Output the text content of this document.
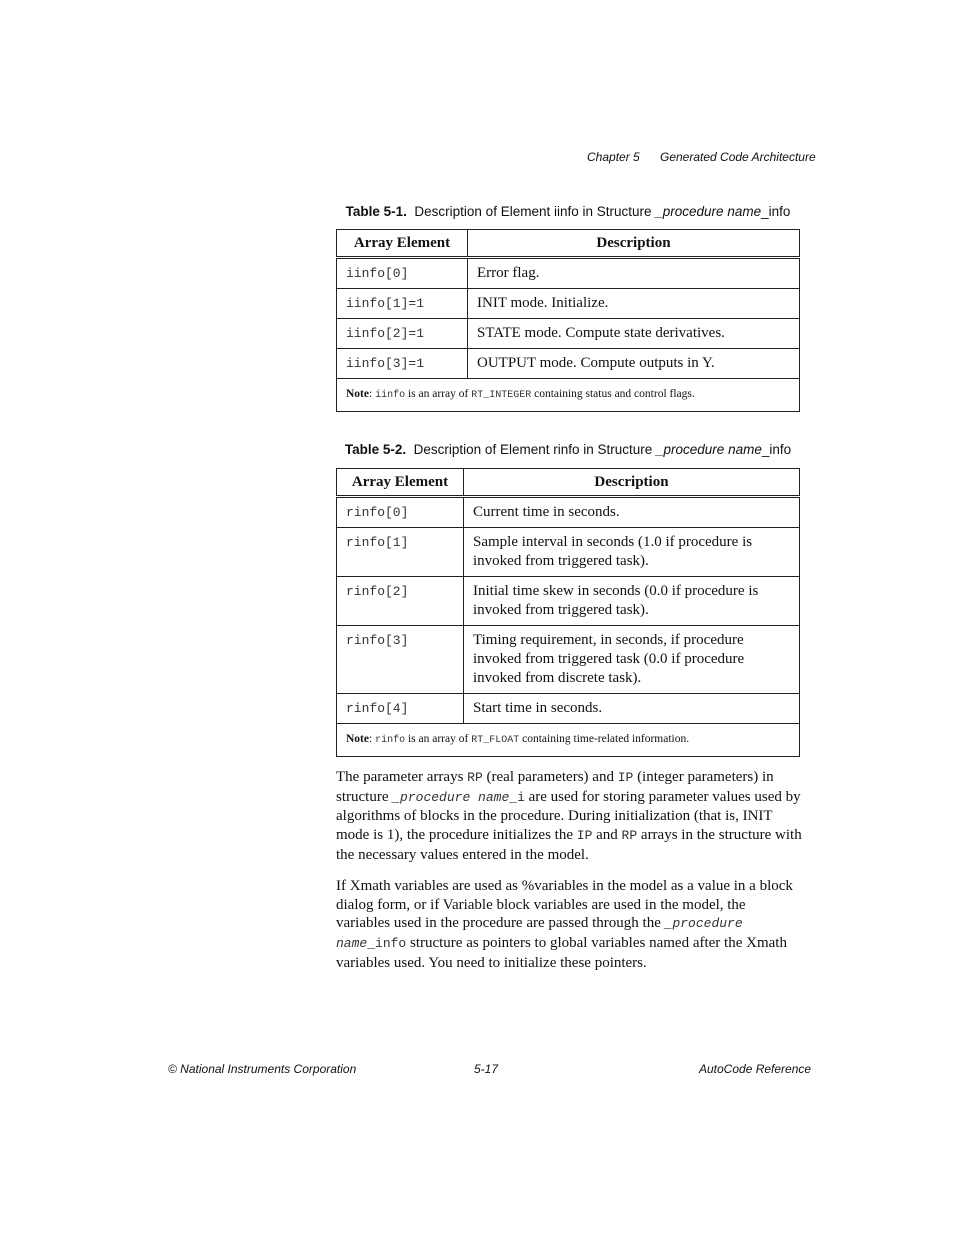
Chapter 5 Generated Code Architecture
Table 5-1. Description of Element iinfo in Structure _procedure name_info
Array Element	Description
iinfo[0]	Error flag.
iinfo[1]=1	INIT mode. Initialize.
iinfo[2]=1	STATE mode. Compute state derivatives.
iinfo[3]=1	OUTPUT mode. Compute outputs in Y.
Note: iinfo is an array of RT_INTEGER containing status and control flags.	
Table 5-2. Description of Element rinfo in Structure _procedure name_info
Array Element	Description
rinfo[0]	Current time in seconds.
rinfo[1]	Sample interval in seconds (1.0 if procedure is invoked from triggered task).
rinfo[2]	Initial time skew in seconds (0.0 if procedure is invoked from triggered task).
rinfo[3]	Timing requirement, in seconds, if procedure invoked from triggered task (0.0 if procedure invoked from discrete task).
rinfo[4]	Start time in seconds.
Note: rinfo is an array of RT_FLOAT containing time-related information.	
The parameter arrays RP (real parameters) and IP (integer parameters) in structure _procedure name_i are used for storing parameter values used by algorithms of blocks in the procedure. During initialization (that is, INIT mode is 1), the procedure initializes the IP and RP arrays in the structure with the necessary values entered in the model.
If Xmath variables are used as %variables in the model as a value in a block dialog form, or if Variable block variables are used in the model, the variables used in the procedure are passed through the _procedure name_info structure as pointers to global variables named after the Xmath variables used. You need to initialize these pointers.
© National Instruments Corporation	5-17	AutoCode Reference
